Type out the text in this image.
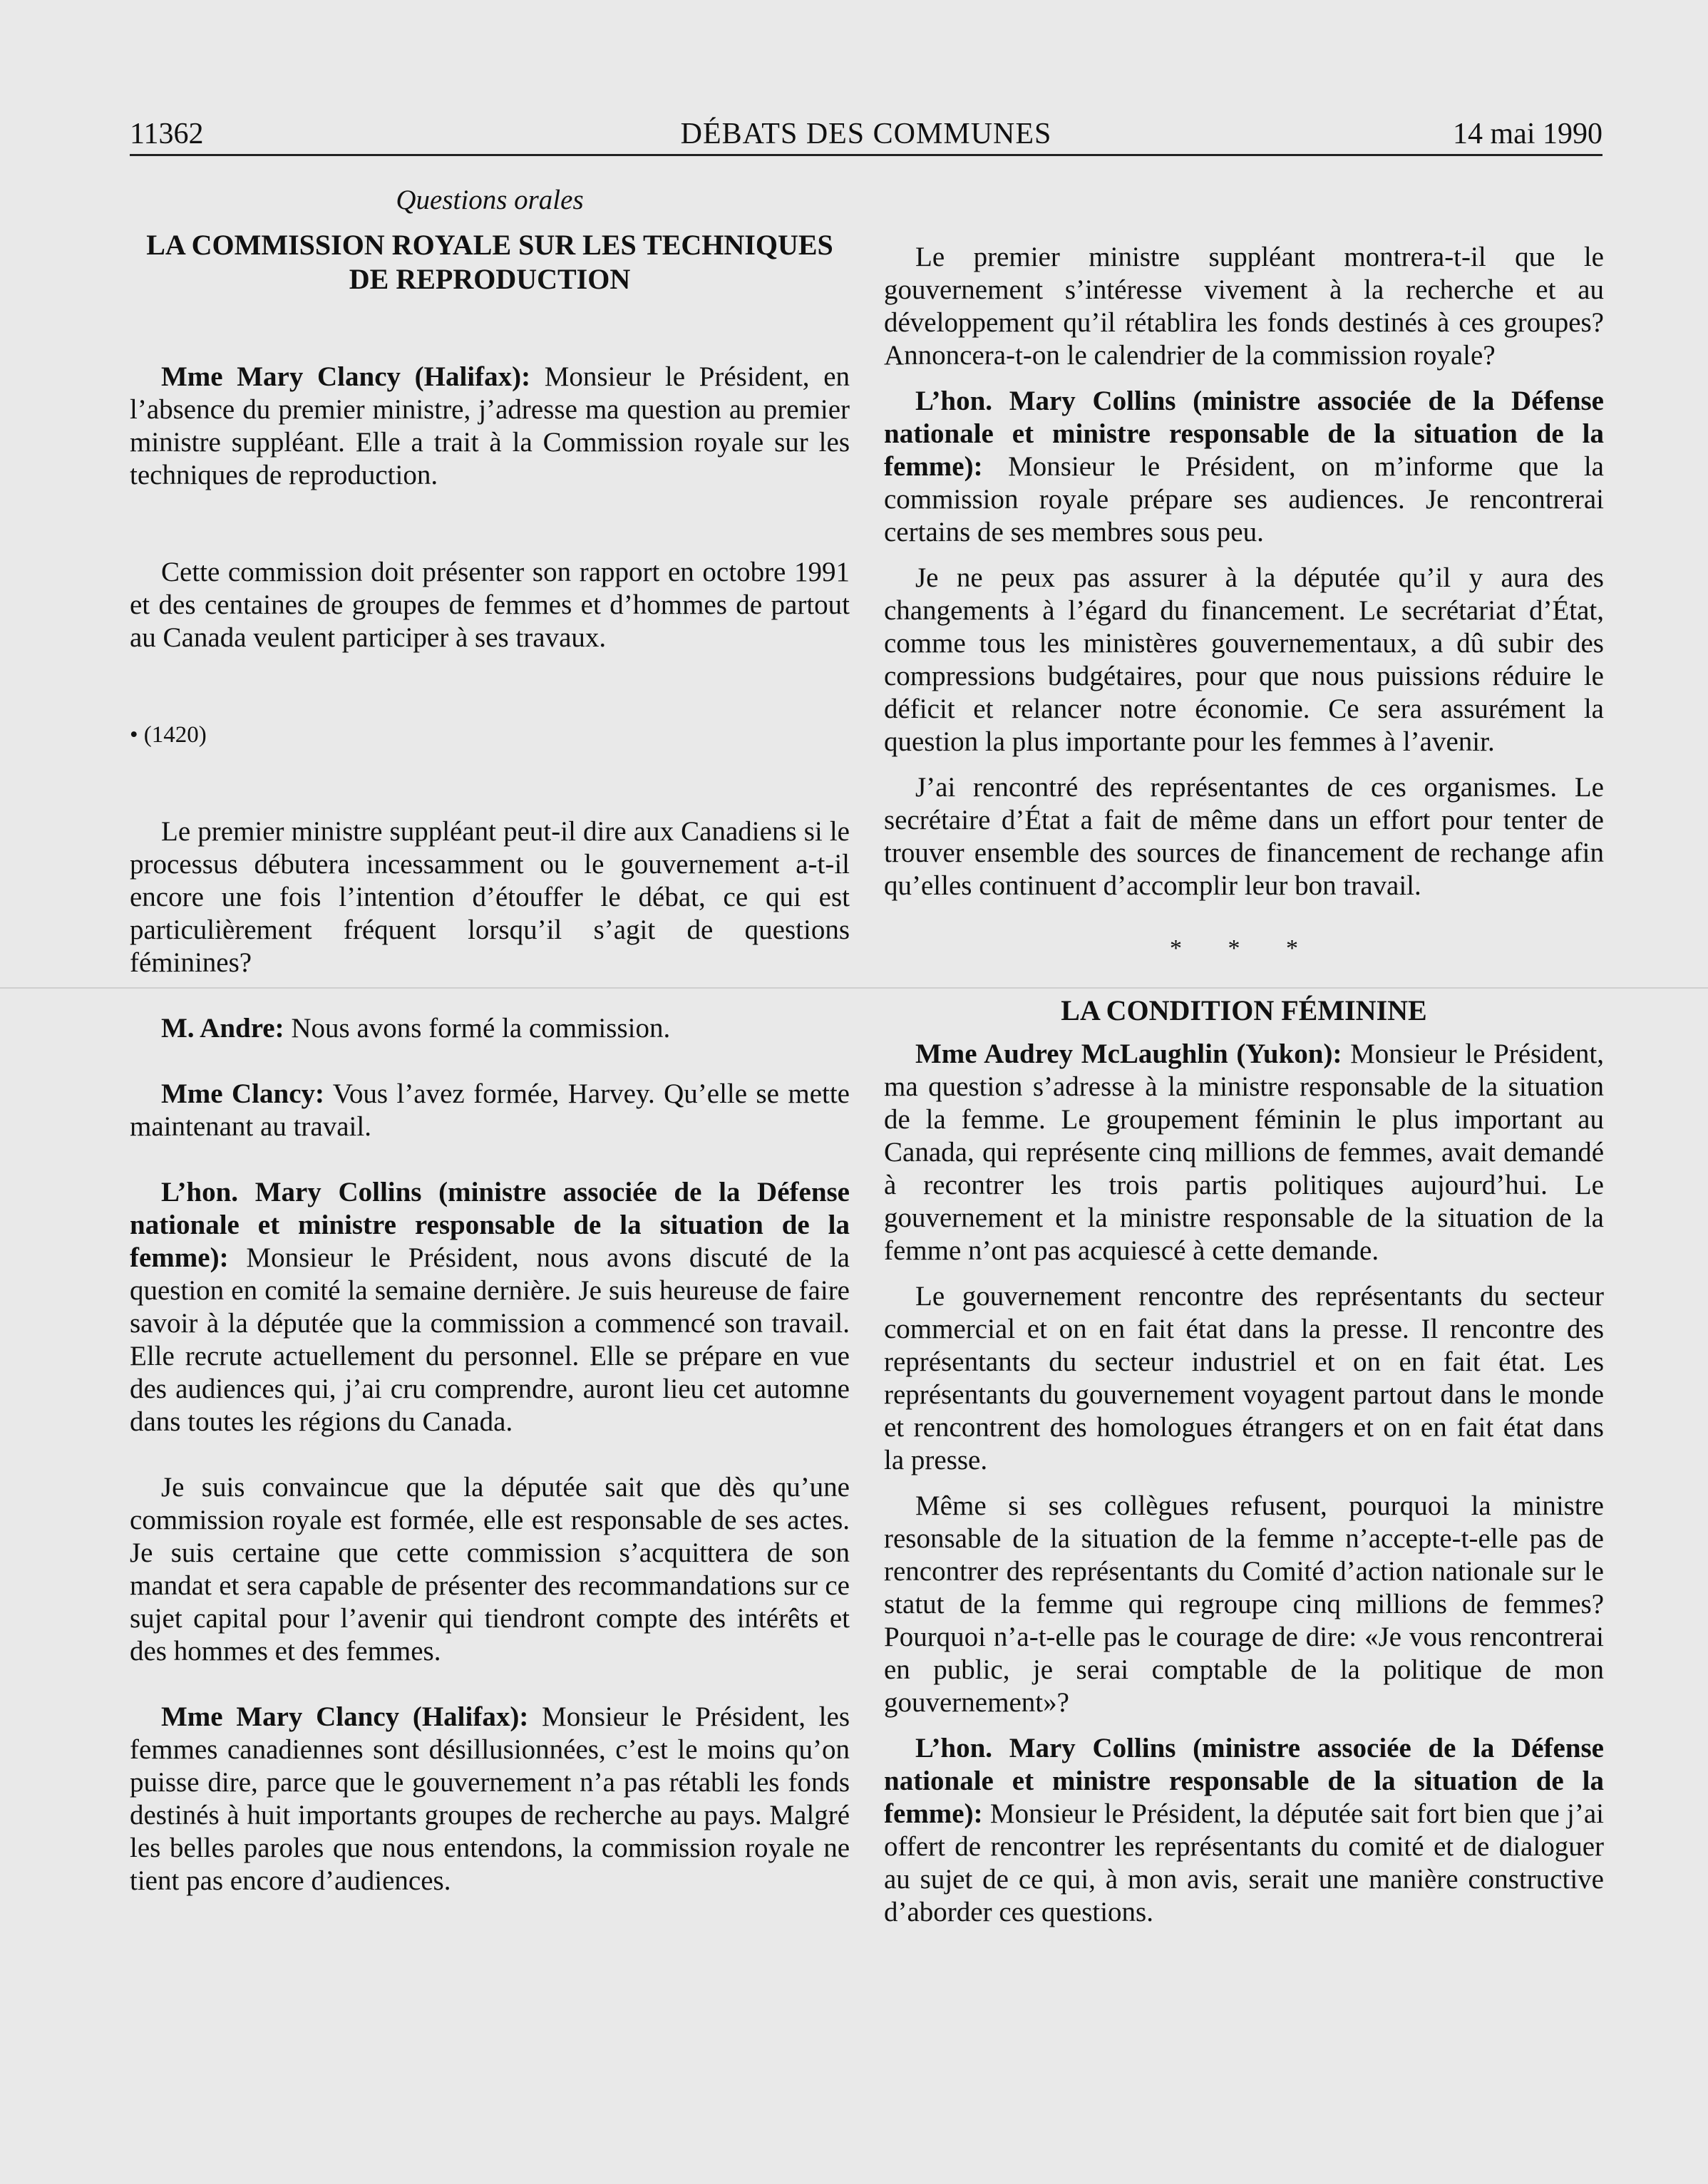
11362	DÉBATS DES COMMUNES	14 mai 1990

Questions orales

LA COMMISSION ROYALE SUR LES TECHNIQUES
DE REPRODUCTION

Mme Mary Clancy (Halifax): Monsieur le Président, en l’absence du premier ministre, j’adresse ma question au premier ministre suppléant. Elle a trait à la Commission royale sur les techniques de reproduction.

Cette commission doit présenter son rapport en octobre 1991 et des centaines de groupes de femmes et d’hommes de partout au Canada veulent participer à ses travaux.

• (1420)

Le premier ministre suppléant peut-il dire aux Canadiens si le processus débutera incessamment ou le gouvernement a-t-il encore une fois l’intention d’étouffer le débat, ce qui est particulièrement fréquent lorsqu’il s’agit de questions féminines?

M. Andre: Nous avons formé la commission.

Mme Clancy: Vous l’avez formée, Harvey. Qu’elle se mette maintenant au travail.

L’hon. Mary Collins (ministre associée de la Défense nationale et ministre responsable de la situation de la femme): Monsieur le Président, nous avons discuté de la question en comité la semaine dernière. Je suis heureuse de faire savoir à la députée que la commission a commencé son travail. Elle recrute actuellement du personnel. Elle se prépare en vue des audiences qui, j’ai cru comprendre, auront lieu cet automne dans toutes les régions du Canada.

Je suis convaincue que la députée sait que dès qu’une commission royale est formée, elle est responsable de ses actes. Je suis certaine que cette commission s’acquittera de son mandat et sera capable de présenter des recommandations sur ce sujet capital pour l’avenir qui tiendront compte des intérêts et des hommes et des femmes.

Mme Mary Clancy (Halifax): Monsieur le Président, les femmes canadiennes sont désillusionnées, c’est le moins qu’on puisse dire, parce que le gouvernement n’a pas rétabli les fonds destinés à huit importants groupes de recherche au pays. Malgré les belles paroles que nous entendons, la commission royale ne tient pas encore d’audiences.

Le premier ministre suppléant montrera-t-il que le gouvernement s’intéresse vivement à la recherche et au développement qu’il rétablira les fonds destinés à ces groupes? Annoncera-t-on le calendrier de la commission royale?

L’hon. Mary Collins (ministre associée de la Défense nationale et ministre responsable de la situation de la femme): Monsieur le Président, on m’informe que la commission royale prépare ses audiences. Je rencontrerai certains de ses membres sous peu.

Je ne peux pas assurer à la députée qu’il y aura des changements à l’égard du financement. Le secrétariat d’État, comme tous les ministères gouvernementaux, a dû subir des compressions budgétaires, pour que nous puissions réduire le déficit et relancer notre économie. Ce sera assurément la question la plus importante pour les femmes à l’avenir.

J’ai rencontré des représentantes de ces organismes. Le secrétaire d’État a fait de même dans un effort pour tenter de trouver ensemble des sources de financement de rechange afin qu’elles continuent d’accomplir leur bon travail.

* * *

LA CONDITION FÉMININE

Mme Audrey McLaughlin (Yukon): Monsieur le Président, ma question s’adresse à la ministre responsable de la situation de la femme. Le groupement féminin le plus important au Canada, qui représente cinq millions de femmes, avait demandé à recontrer les trois partis politiques aujourd’hui. Le gouvernement et la ministre responsable de la situation de la femme n’ont pas acquiescé à cette demande.

Le gouvernement rencontre des représentants du secteur commercial et on en fait état dans la presse. Il rencontre des représentants du secteur industriel et on en fait état. Les représentants du gouvernement voyagent partout dans le monde et rencontrent des homologues étrangers et on en fait état dans la presse.

Même si ses collègues refusent, pourquoi la ministre resonsable de la situation de la femme n’accepte-t-elle pas de rencontrer des représentants du Comité d’action nationale sur le statut de la femme qui regroupe cinq millions de femmes? Pourquoi n’a-t-elle pas le courage de dire: «Je vous rencontrerai en public, je serai comptable de la politique de mon gouvernement»?

L’hon. Mary Collins (ministre associée de la Défense nationale et ministre responsable de la situation de la femme): Monsieur le Président, la députée sait fort bien que j’ai offert de rencontrer les représentants du comité et de dialoguer au sujet de ce qui, à mon avis, serait une manière constructive d’aborder ces questions.
